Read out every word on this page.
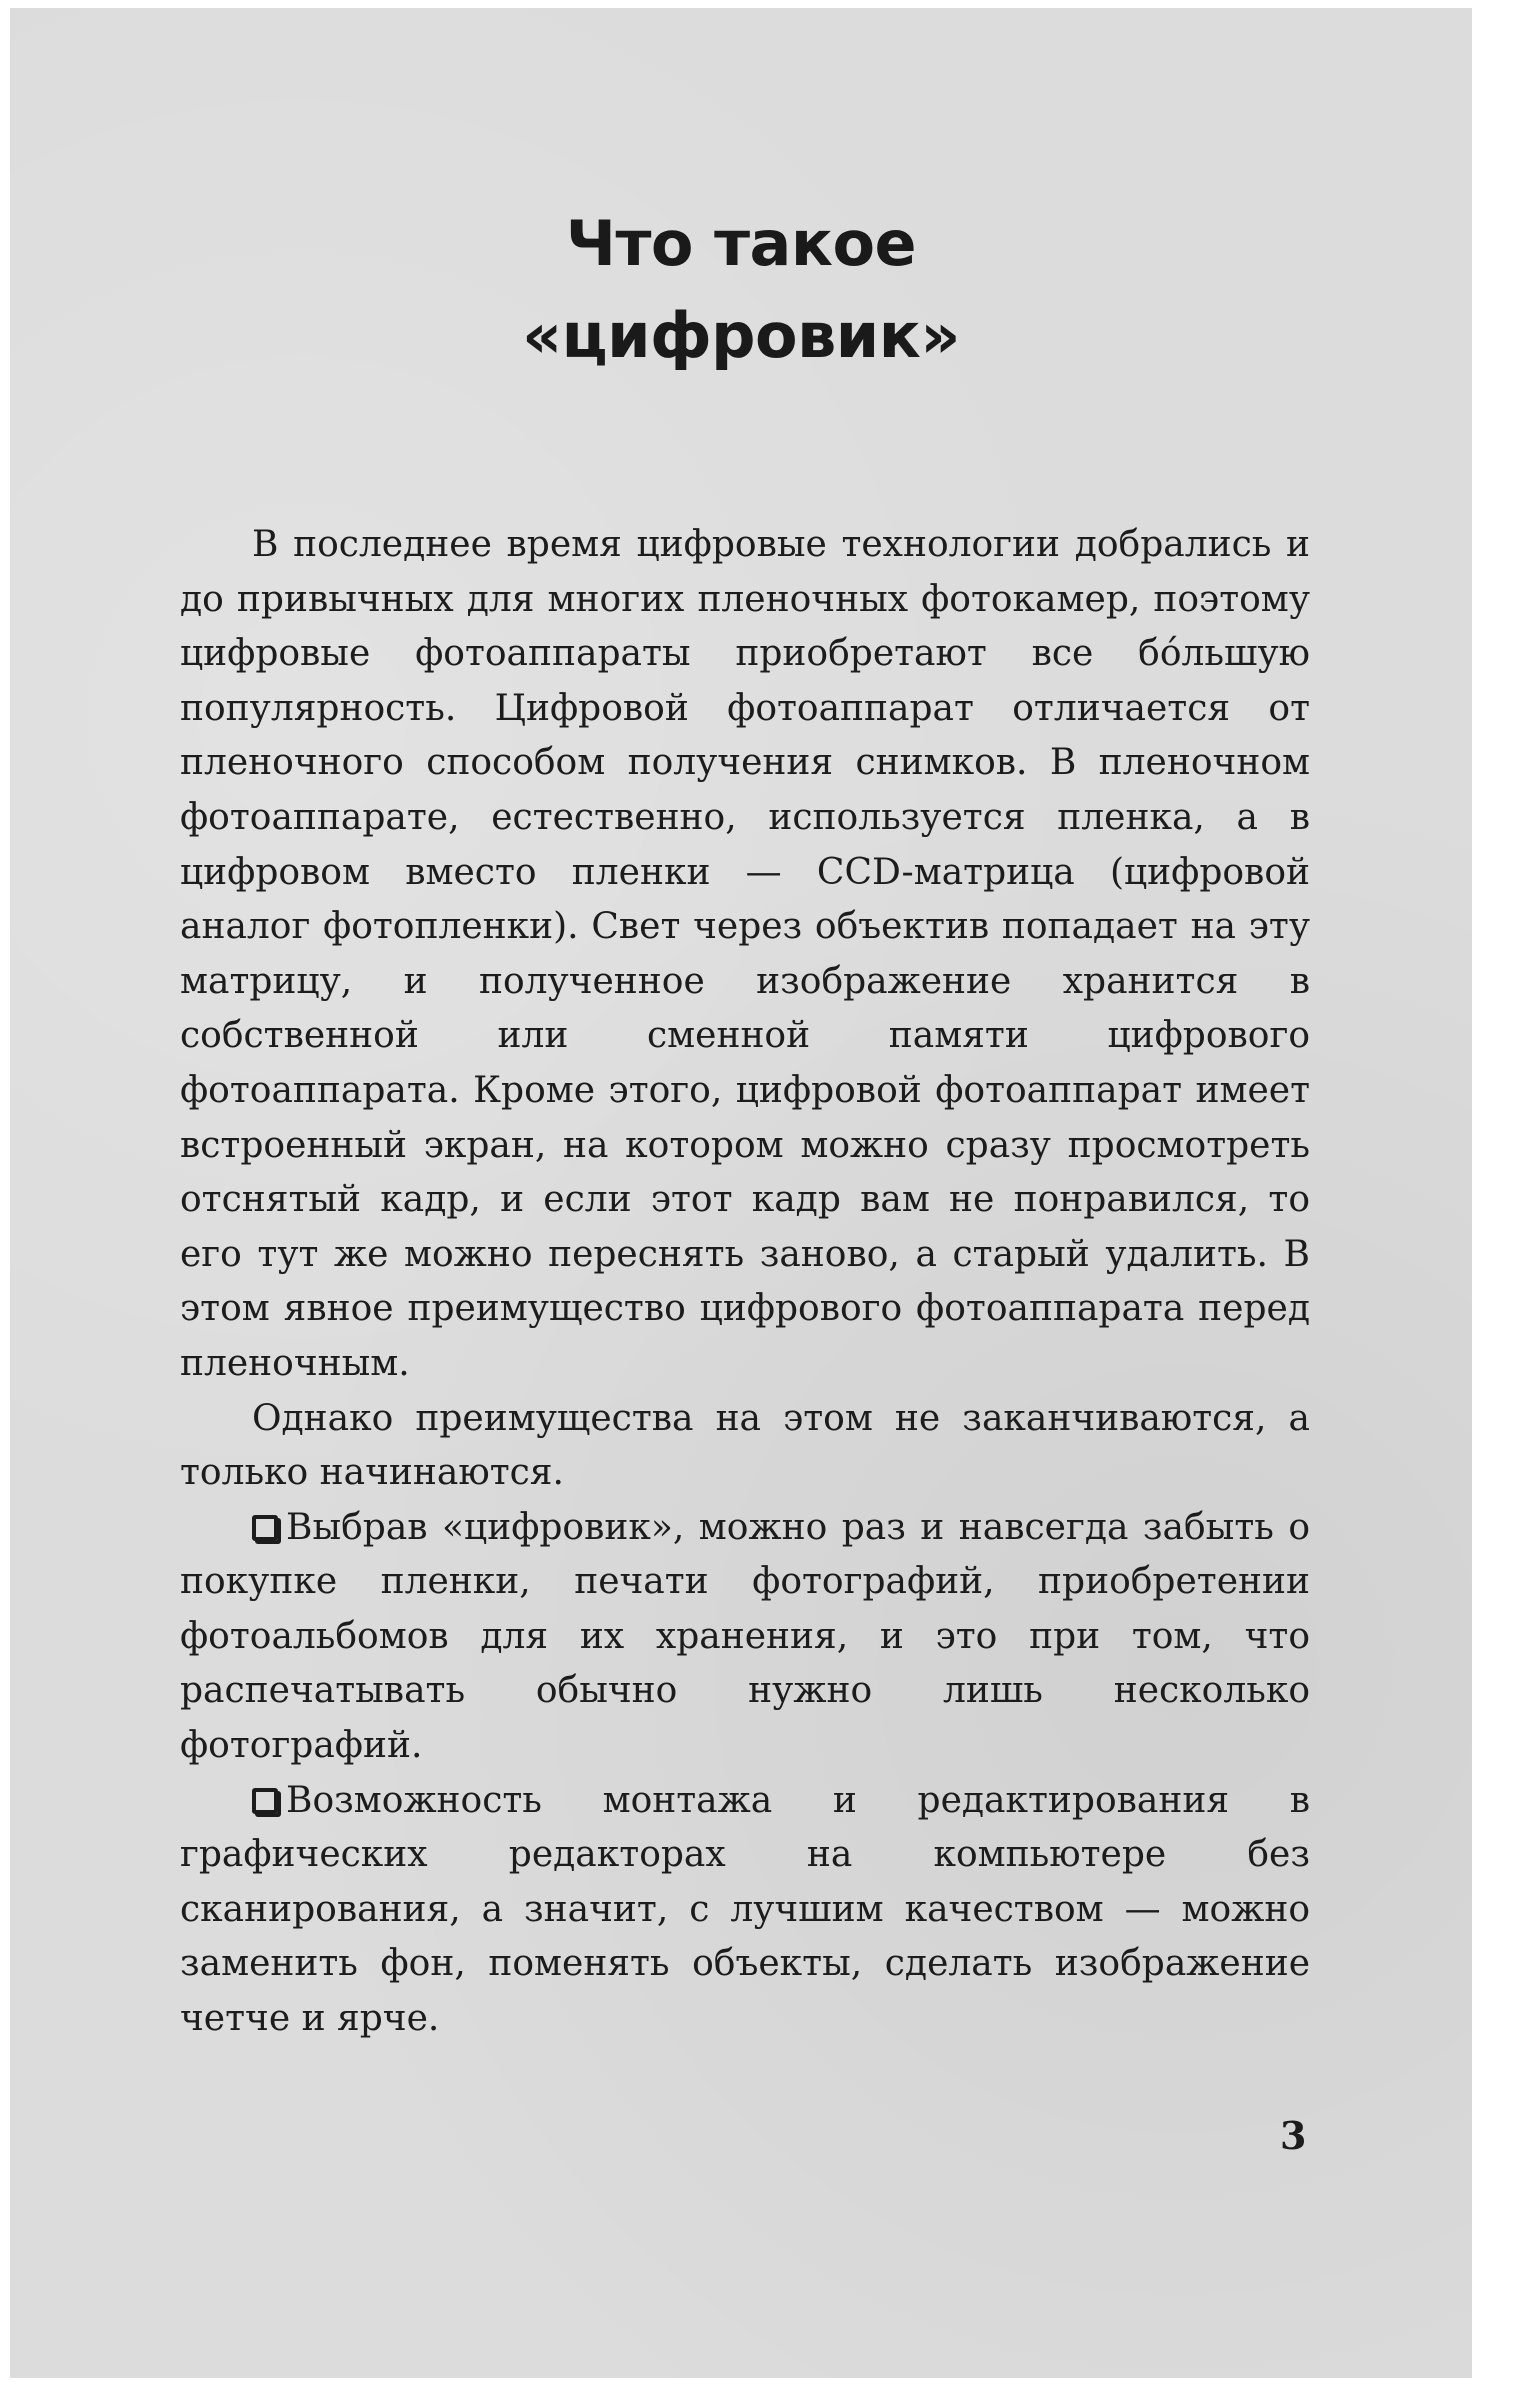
Что такое
«цифровик»

В последнее время цифровые технологии добрались и до привычных для многих пленочных фотокамер, поэтому цифровые фотоаппараты приобретают все бо́льшую популярность. Цифровой фотоаппарат отличается от пленочного способом получения снимков. В пленочном фотоаппарате, естественно, используется пленка, а в цифровом вместо пленки — CCD-матрица (цифровой аналог фотопленки). Свет через объектив попадает на эту матрицу, и полученное изображение хранится в собственной или сменной памяти цифрового фотоаппарата. Кроме этого, цифровой фотоаппарат имеет встроенный экран, на котором можно сразу просмотреть отснятый кадр, и если этот кадр вам не понравился, то его тут же можно переснять заново, а старый удалить. В этом явное преимущество цифрового фотоаппарата перед пленочным.

Однако преимущества на этом не заканчиваются, а только начинаются.

Выбрав «цифровик», можно раз и навсегда забыть о покупке пленки, печати фотографий, приобретении фотоальбомов для их хранения, и это при том, что распечатывать обычно нужно лишь несколько фотографий.

Возможность монтажа и редактирования в графических редакторах на компьютере без сканирования, а значит, с лучшим качеством — можно заменить фон, поменять объекты, сделать изображение четче и ярче.

3
